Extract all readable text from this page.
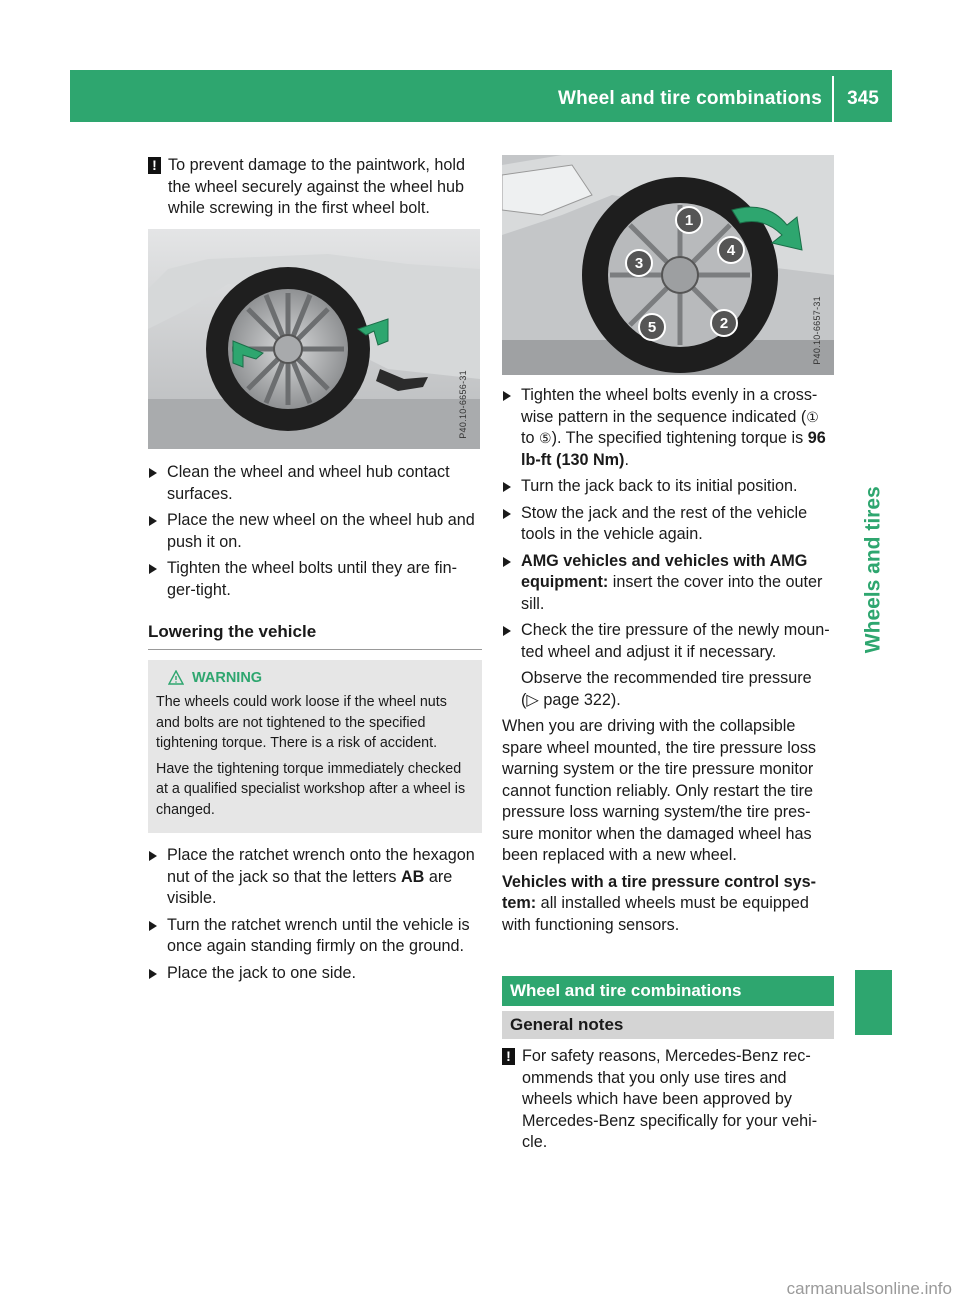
Wheel and tire combinations	345
Wheels and tires
! To prevent damage to the paintwork, hold the wheel securely against the wheel hub while screwing in the first wheel bolt.
P40.10-6656-31
Clean the wheel and wheel hub contact surfaces.
Place the new wheel on the wheel hub and push it on.
Tighten the wheel bolts until they are fin-ger-tight.
Lowering the vehicle
WARNING

The wheels could work loose if the wheel nuts and bolts are not tightened to the specified tightening torque. There is a risk of accident.

Have the tightening torque immediately checked at a qualified specialist workshop after a wheel is changed.

Place the ratchet wrench onto the hexagon nut of the jack so that the letters AB are visible.
Turn the ratchet wrench until the vehicle is once again standing firmly on the ground.
Place the jack to one side.
1
2
3
4
5	P40.10-6657-31
Tighten the wheel bolts evenly in a cross-wise pattern in the sequence indicated (① to ⑤). The specified tightening torque is 96 lb-ft (130 Nm).
Turn the jack back to its initial position.
Stow the jack and the rest of the vehicle tools in the vehicle again.
AMG vehicles and vehicles with AMG equipment: insert the cover into the outer sill.
Check the tire pressure of the newly moun-ted wheel and adjust it if necessary.
Observe the recommended tire pressure
(▷ page 322).

When you are driving with the collapsible spare wheel mounted, the tire pressure loss warning system or the tire pressure monitor cannot function reliably. Only restart the tire pressure loss warning system/the tire pres-sure monitor when the damaged wheel has been replaced with a new wheel.

Vehicles with a tire pressure control sys-tem: all installed wheels must be equipped with functioning sensors.

Wheel and tire combinations
General notes
! For safety reasons, Mercedes-Benz rec-ommends that you only use tires and wheels which have been approved by Mercedes-Benz specifically for your vehi-cle.
carmanualsonline.info
